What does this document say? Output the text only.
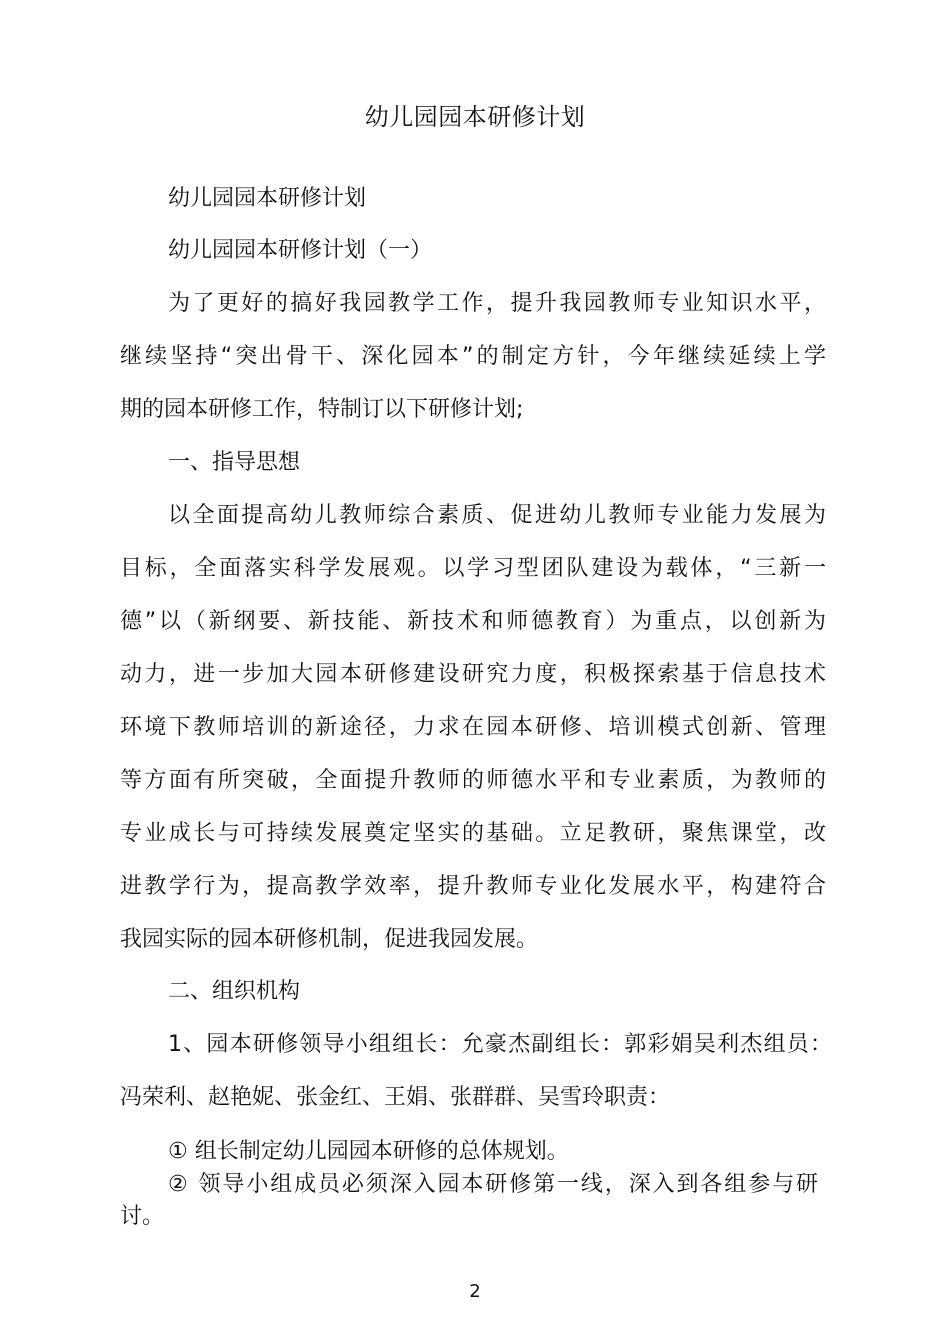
幼儿园园本研修计划
幼儿园园本研修计划
幼儿园园本研修计划（一）
为了更好的搞好我园教学工作，提升我园教师专业知识水平，
继续坚持“突出骨干、深化园本”的制定方针，今年继续延续上学
期的园本研修工作，特制订以下研修计划;
一、指导思想
以全面提高幼儿教师综合素质、促进幼儿教师专业能力发展为
目标，全面落实科学发展观。以学习型团队建设为载体，“三新一
德”以（新纲要、新技能、新技术和师德教育）为重点，以创新为
动力，进一步加大园本研修建设研究力度，积极探索基于信息技术
环境下教师培训的新途径，力求在园本研修、培训模式创新、管理
等方面有所突破，全面提升教师的师德水平和专业素质，为教师的
专业成长与可持续发展奠定坚实的基础。立足教研，聚焦课堂，改
进教学行为，提高教学效率，提升教师专业化发展水平，构建符合
我园实际的园本研修机制，促进我园发展。
二、组织机构
1、园本研修领导小组组长：允豪杰副组长：郭彩娟吴利杰组员：
冯荣利、赵艳妮、张金红、王娟、张群群、吴雪玲职责：
① 组长制定幼儿园园本研修的总体规划。
② 领导小组成员必须深入园本研修第一线，深入到各组参与研
讨。
2
